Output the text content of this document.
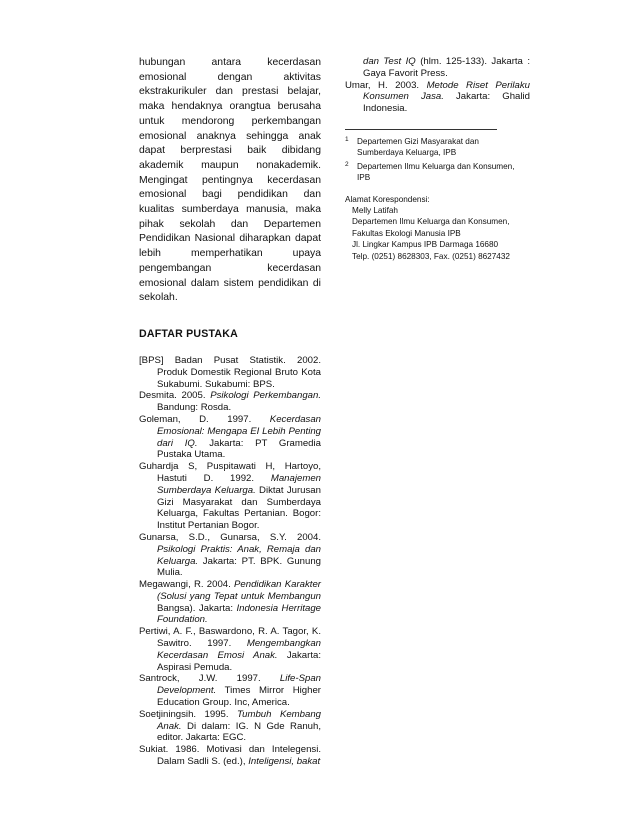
hubungan antara kecerdasan
emosional dengan aktivitas
ekstrakurikuler dan prestasi belajar,
maka hendaknya orangtua berusaha
untuk mendorong perkembangan
emosional anaknya sehingga anak
dapat berprestasi baik dibidang
akademik maupun nonakademik.
Mengingat pentingnya kecerdasan
emosional bagi pendidikan dan
kualitas sumberdaya manusia, maka
pihak sekolah dan Departemen
Pendidikan Nasional diharapkan dapat
lebih memperhatikan upaya
pengembangan kecerdasan
emosional dalam sistem pendidikan di
sekolah.

DAFTAR PUSTAKA
[BPS] Badan Pusat Statistik. 2002.
Produk Domestik Regional Bruto Kota
Sukabumi. Sukabumi: BPS.
Desmita. 2005. Psikologi Perkembangan.
Bandung: Rosda.
Goleman, D. 1997. Kecerdasan
Emosional: Mengapa EI Lebih Penting
dari IQ. Jakarta: PT Gramedia
Pustaka Utama.
Guhardja S, Puspitawati H, Hartoyo,
Hastuti D. 1992. Manajemen
Sumberdaya Keluarga. Diktat Jurusan
Gizi Masyarakat dan Sumberdaya
Keluarga, Fakultas Pertanian. Bogor:
Institut Pertanian Bogor.
Gunarsa, S.D., Gunarsa, S.Y. 2004.
Psikologi Praktis: Anak, Remaja dan
Keluarga. Jakarta: PT. BPK. Gunung
Mulia.
Megawangi, R. 2004. Pendidikan Karakter
(Solusi yang Tepat untuk Membangun
Bangsa). Jakarta: Indonesia Herritage
Foundation.
Pertiwi, A. F., Baswardono, R. A. Tagor, K.
Sawitro. 1997. Mengembangkan
Kecerdasan Emosi Anak. Jakarta:
Aspirasi Pemuda.
Santrock, J.W. 1997. Life-Span
Development. Times Mirror Higher
Education Group. Inc, America.
Soetjiningsih. 1995. Tumbuh Kembang
Anak. Di dalam: IG. N Gde Ranuh,
editor. Jakarta: EGC.
Sukiat. 1986. Motivasi dan Intelegensi.
Dalam Sadli S. (ed.), Inteligensi, bakat
dan Test IQ (hlm. 125-133). Jakarta :
Gaya Favorit Press.
Umar, H. 2003. Metode Riset Perilaku
Konsumen Jasa. Jakarta: Ghalid
Indonesia.
1 Departemen Gizi Masyarakat dan
Sumberdaya Keluarga, IPB
2 Departemen Ilmu Keluarga dan Konsumen,
IPB
Alamat Korespondensi:
Melly Latifah
Departemen Ilmu Keluarga dan Konsumen,
Fakultas Ekologi Manusia IPB
Jl. Lingkar Kampus IPB Darmaga 16680
Telp. (0251) 8628303, Fax. (0251) 8627432
